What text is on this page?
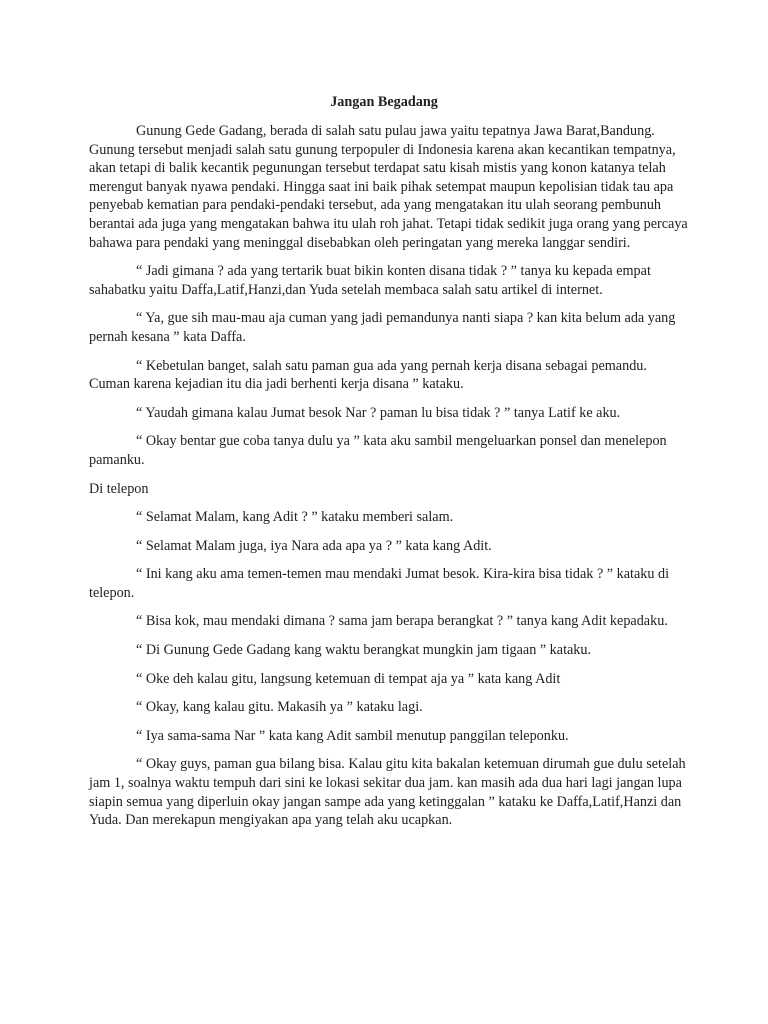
Jangan Begadang

Gunung Gede Gadang, berada di salah satu pulau jawa yaitu tepatnya Jawa Barat,Bandung. Gunung tersebut menjadi salah satu gunung terpopuler di Indonesia karena akan kecantikan tempatnya, akan tetapi di balik kecantik pegunungan tersebut terdapat satu kisah mistis yang konon katanya telah merengut banyak nyawa pendaki. Hingga saat ini baik pihak setempat maupun kepolisian tidak tau apa penyebab kematian para pendaki-pendaki tersebut, ada yang mengatakan itu ulah seorang pembunuh berantai ada juga yang mengatakan bahwa itu ulah roh jahat. Tetapi tidak sedikit juga orang yang percaya bahawa para pendaki yang meninggal disebabkan oleh peringatan yang mereka langgar sendiri.

“ Jadi gimana ? ada yang tertarik buat bikin konten disana tidak ? ” tanya ku kepada empat sahabatku yaitu Daffa,Latif,Hanzi,dan Yuda setelah membaca salah satu artikel di internet.

“ Ya, gue sih mau-mau aja cuman yang jadi pemandunya nanti siapa ? kan kita belum ada yang pernah kesana ” kata Daffa.

“ Kebetulan banget, salah satu paman gua ada yang pernah kerja disana sebagai pemandu. Cuman karena kejadian itu dia jadi berhenti kerja disana ” kataku.

“ Yaudah gimana kalau Jumat besok Nar ? paman lu bisa tidak ? ” tanya Latif ke aku.

“ Okay bentar gue coba tanya dulu ya ” kata aku sambil mengeluarkan ponsel dan menelepon pamanku.

Di telepon

“ Selamat Malam, kang Adit ? ” kataku memberi salam.

“ Selamat Malam juga, iya Nara ada apa ya ? ” kata kang Adit.

“ Ini kang aku ama temen-temen mau mendaki Jumat besok. Kira-kira bisa tidak ? ” kataku di telepon.

“ Bisa kok, mau mendaki dimana ? sama jam berapa berangkat ? ” tanya kang Adit kepadaku.

“ Di Gunung Gede Gadang kang waktu berangkat mungkin jam tigaan ” kataku.

“ Oke deh kalau gitu, langsung ketemuan di tempat aja ya ” kata kang Adit

“ Okay, kang kalau gitu. Makasih ya ” kataku lagi.

“ Iya sama-sama Nar ” kata kang Adit sambil menutup panggilan teleponku.

“ Okay guys, paman gua bilang bisa. Kalau gitu kita bakalan ketemuan dirumah gue dulu setelah jam 1, soalnya waktu tempuh dari sini ke lokasi sekitar dua jam. kan masih ada dua hari lagi jangan lupa siapin semua yang diperluin okay jangan sampe ada yang ketinggalan ” kataku ke Daffa,Latif,Hanzi dan Yuda. Dan merekapun mengiyakan apa yang telah aku ucapkan.
